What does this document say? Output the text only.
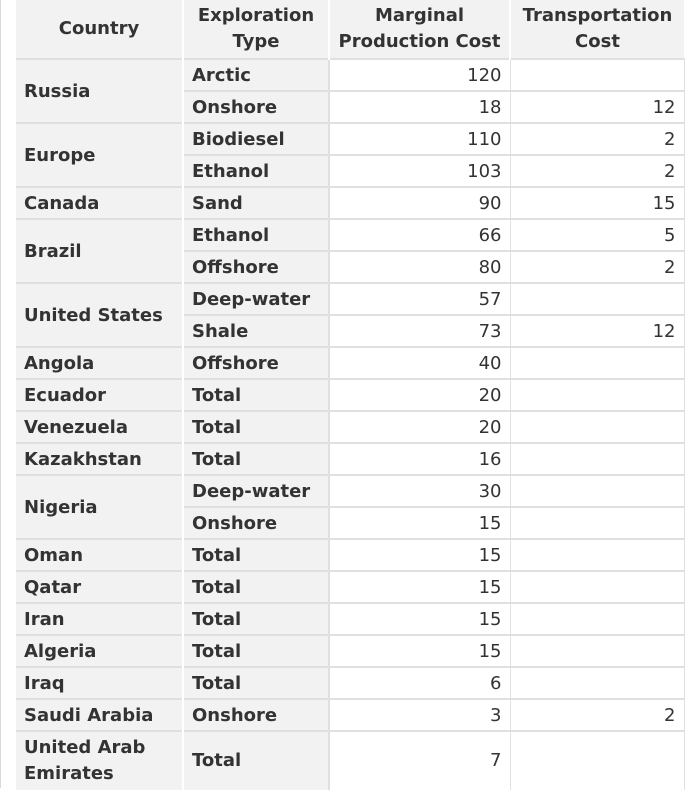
Country	Exploration Type	Marginal Production Cost	Transportation Cost
Russia	Arctic	120	
	Onshore	18	12
Europe	Biodiesel	110	2
	Ethanol	103	2
Canada	Sand	90	15
Brazil	Ethanol	66	5
	Offshore	80	2
United States	Deep-water	57	
	Shale	73	12
Angola	Offshore	40	
Ecuador	Total	20	
Venezuela	Total	20	
Kazakhstan	Total	16	
Nigeria	Deep-water	30	
	Onshore	15	
Oman	Total	15	
Qatar	Total	15	
Iran	Total	15	
Algeria	Total	15	
Iraq	Total	6	
Saudi Arabia	Onshore	3	2
United Arab Emirates	Total	7	
